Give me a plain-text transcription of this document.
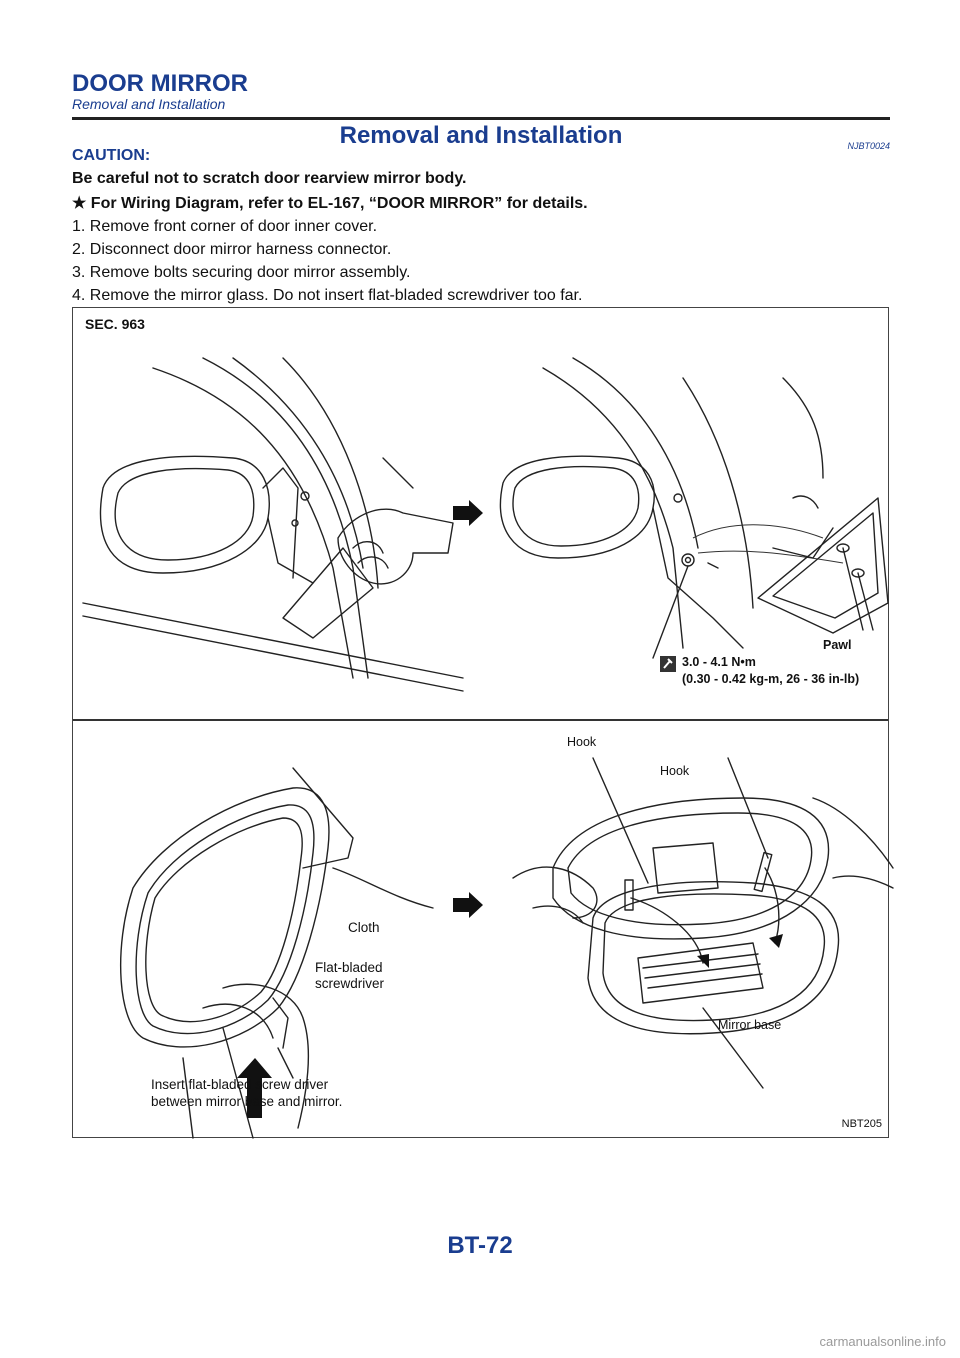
DOOR MIRROR
Removal and Installation
Removal and Installation	NJBT0024
CAUTION:
Be careful not to scratch door rearview mirror body.
★ For Wiring Diagram, refer to EL-167, “DOOR MIRROR” for details.
1. Remove front corner of door inner cover.
2. Disconnect door mirror harness connector.
3. Remove bolts securing door mirror assembly.
4. Remove the mirror glass. Do not insert flat-bladed screwdriver too far.
SEC. 963
Pawl
3.0 - 4.1 N•m
(0.30 - 0.42 kg-m, 26 - 36 in-lb)
Cloth
Flat-bladed
screwdriver
Hook
Hook
Mirror base
Insert flat-bladed screw driver
between mirror base and mirror.
NBT205
BT-72
carmanualsonline.info
